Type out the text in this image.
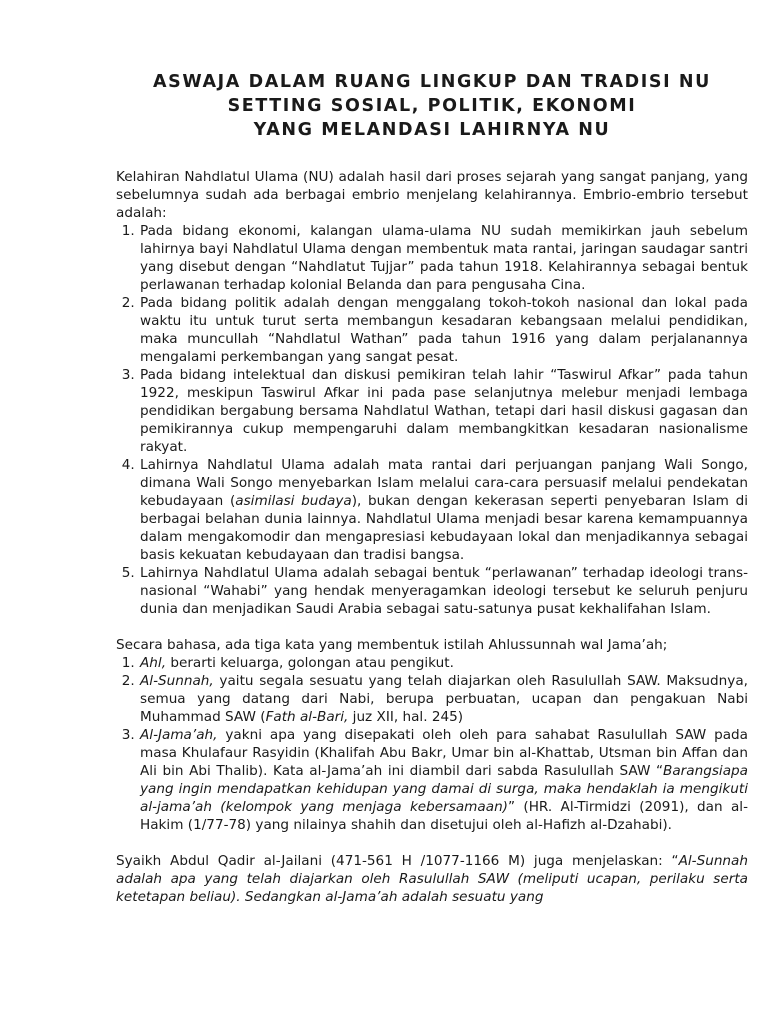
ASWAJA DALAM RUANG LINGKUP DAN TRADISI NU
SETTING SOSIAL, POLITIK, EKONOMI
YANG MELANDASI LAHIRNYA NU

Kelahiran Nahdlatul Ulama (NU) adalah hasil dari proses sejarah yang sangat panjang, yang sebelumnya sudah ada berbagai embrio menjelang kelahirannya. Embrio-embrio tersebut adalah:

1. Pada bidang ekonomi, kalangan ulama-ulama NU sudah memikirkan jauh sebelum lahirnya bayi Nahdlatul Ulama dengan membentuk mata rantai, jaringan saudagar santri yang disebut dengan “Nahdlatut Tujjar” pada tahun 1918. Kelahirannya sebagai bentuk perlawanan terhadap kolonial Belanda dan para pengusaha Cina.
2. Pada bidang politik adalah dengan menggalang tokoh-tokoh nasional dan lokal pada waktu itu untuk turut serta membangun kesadaran kebangsaan melalui pendidikan, maka muncullah “Nahdlatul Wathan” pada tahun 1916 yang dalam perjalanannya mengalami perkembangan yang sangat pesat.
3. Pada bidang intelektual dan diskusi pemikiran telah lahir “Taswirul Afkar” pada tahun 1922, meskipun Taswirul Afkar ini pada pase selanjutnya melebur menjadi lembaga pendidikan bergabung bersama Nahdlatul Wathan, tetapi dari hasil diskusi gagasan dan pemikirannya cukup mempengaruhi dalam membangkitkan kesadaran nasionalisme rakyat.
4. Lahirnya Nahdlatul Ulama adalah mata rantai dari perjuangan panjang Wali Songo, dimana Wali Songo menyebarkan Islam melalui cara-cara persuasif melalui pendekatan kebudayaan (asimilasi budaya), bukan dengan kekerasan seperti penyebaran Islam di berbagai belahan dunia lainnya. Nahdlatul Ulama menjadi besar karena kemampuannya dalam mengakomodir dan mengapresiasi kebudayaan lokal dan menjadikannya sebagai basis kekuatan kebudayaan dan tradisi bangsa.
5. Lahirnya Nahdlatul Ulama adalah sebagai bentuk “perlawanan” terhadap ideologi trans-nasional “Wahabi” yang hendak menyeragamkan ideologi tersebut ke seluruh penjuru dunia dan menjadikan Saudi Arabia sebagai satu-satunya pusat kekhalifahan Islam.

Secara bahasa, ada tiga kata yang membentuk istilah Ahlussunnah wal Jama’ah;

1. Ahl, berarti keluarga, golongan atau pengikut.
2. Al-Sunnah, yaitu segala sesuatu yang telah diajarkan oleh Rasulullah SAW. Maksudnya, semua yang datang dari Nabi, berupa perbuatan, ucapan dan pengakuan Nabi Muhammad SAW (Fath al-Bari, juz XII, hal. 245)
3. Al-Jama’ah, yakni apa yang disepakati oleh oleh para sahabat Rasulullah SAW pada masa Khulafaur Rasyidin (Khalifah Abu Bakr, Umar bin al-Khattab, Utsman bin Affan dan Ali bin Abi Thalib). Kata al-Jama’ah ini diambil dari sabda Rasulullah SAW “Barangsiapa yang ingin mendapatkan kehidupan yang damai di surga, maka hendaklah ia mengikuti al-jama’ah (kelompok yang menjaga kebersamaan)” (HR. Al-Tirmidzi (2091), dan al-Hakim (1/77-78) yang nilainya shahih dan disetujui oleh al-Hafizh al-Dzahabi).

Syaikh Abdul Qadir al-Jailani (471-561 H /1077-1166 M) juga menjelaskan: “Al-Sunnah adalah apa yang telah diajarkan oleh Rasulullah SAW (meliputi ucapan, perilaku serta ketetapan beliau). Sedangkan al-Jama’ah adalah sesuatu yang
